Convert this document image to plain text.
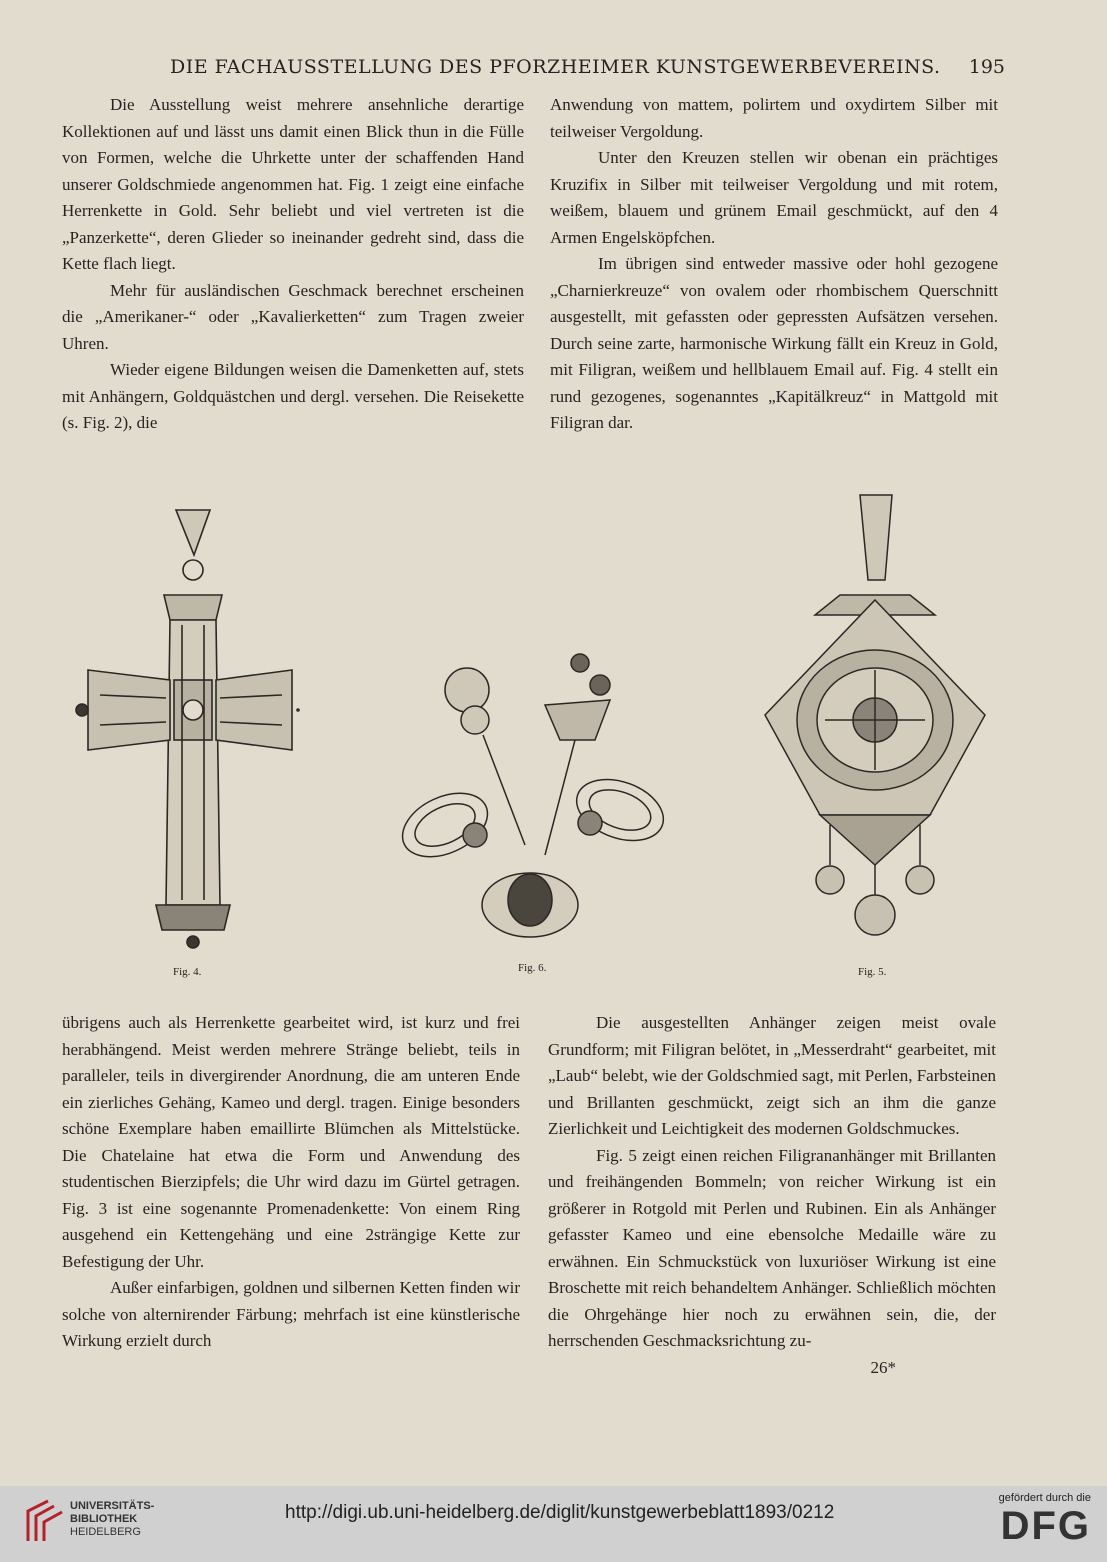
DIE FACHAUSSTELLUNG DES PFORZHEIMER KUNSTGEWERBEVEREINS. 195

Die Ausstellung weist mehrere ansehnliche derartige Kollektionen auf und lässt uns damit einen Blick thun in die Fülle von Formen, welche die Uhrkette unter der schaffenden Hand unserer Goldschmiede angenommen hat. Fig. 1 zeigt eine einfache Herrenkette in Gold. Sehr beliebt und viel vertreten ist die „Panzerkette“, deren Glieder so ineinander gedreht sind, dass die Kette flach liegt.

Mehr für ausländischen Geschmack berechnet erscheinen die „Amerikaner-“ oder „Kavalierketten“ zum Tragen zweier Uhren.

Wieder eigene Bildungen weisen die Damenketten auf, stets mit Anhängern, Goldquästchen und dergl. versehen. Die Reisekette (s. Fig. 2), die

Anwendung von mattem, polirtem und oxydirtem Silber mit teilweiser Vergoldung.

Unter den Kreuzen stellen wir obenan ein prächtiges Kruzifix in Silber mit teilweiser Vergoldung und mit rotem, weißem, blauem und grünem Email geschmückt, auf den 4 Armen Engelsköpfchen.

Im übrigen sind entweder massive oder hohl gezogene „Charnierkreuze“ von ovalem oder rhombischem Querschnitt ausgestellt, mit gefassten oder gepressten Aufsätzen versehen. Durch seine zarte, harmonische Wirkung fällt ein Kreuz in Gold, mit Filigran, weißem und hellblauem Email auf. Fig. 4 stellt ein rund gezogenes, sogenanntes „Kapitälkreuz“ in Mattgold mit Filigran dar.

Fig. 4.	Fig. 6.	Fig. 5.

übrigens auch als Herrenkette gearbeitet wird, ist kurz und frei herabhängend. Meist werden mehrere Stränge beliebt, teils in paralleler, teils in divergirender Anordnung, die am unteren Ende ein zierliches Gehäng, Kameo und dergl. tragen. Einige besonders schöne Exemplare haben emaillirte Blümchen als Mittelstücke. Die Chatelaine hat etwa die Form und Anwendung des studentischen Bierzipfels; die Uhr wird dazu im Gürtel getragen. Fig. 3 ist eine sogenannte Promenadenkette: Von einem Ring ausgehend ein Kettengehäng und eine 2strängige Kette zur Befestigung der Uhr.

Außer einfarbigen, goldnen und silbernen Ketten finden wir solche von alternirender Färbung; mehrfach ist eine künstlerische Wirkung erzielt durch

Die ausgestellten Anhänger zeigen meist ovale Grundform; mit Filigran belötet, in „Messerdraht“ gearbeitet, mit „Laub“ belebt, wie der Goldschmied sagt, mit Perlen, Farbsteinen und Brillanten geschmückt, zeigt sich an ihm die ganze Zierlichkeit und Leichtigkeit des modernen Goldschmuckes.

Fig. 5 zeigt einen reichen Filigrananhänger mit Brillanten und freihängenden Bommeln; von reicher Wirkung ist ein größerer in Rotgold mit Perlen und Rubinen. Ein als Anhänger gefasster Kameo und eine ebensolche Medaille wäre zu erwähnen. Ein Schmuckstück von luxuriöser Wirkung ist eine Broschette mit reich behandeltem Anhänger. Schließlich möchten die Ohrgehänge hier noch zu erwähnen sein, die, der herrschenden Geschmacksrichtung zu-

26*

UNIVERSITÄTS-
BIBLIOTHEK
HEIDELBERG
http://digi.ub.uni-heidelberg.de/diglit/kunstgewerbeblatt1893/0212
gefördert durch die
DFG
